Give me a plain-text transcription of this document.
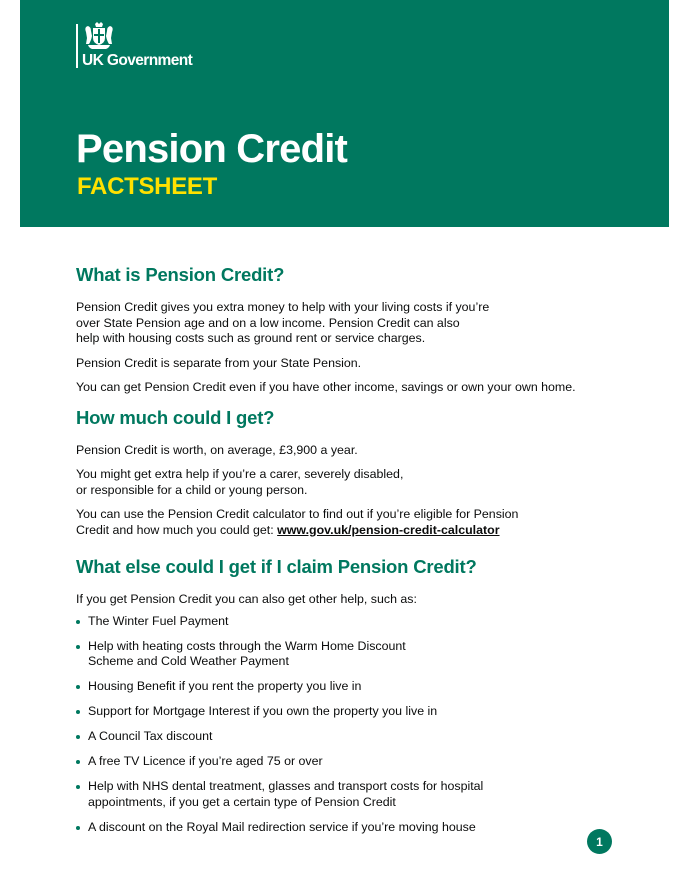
UK Government
Pension Credit
FACTSHEET
What is Pension Credit?

Pension Credit gives you extra money to help with your living costs if you’re
over State Pension age and on a low income. Pension Credit can also
help with housing costs such as ground rent or service charges.

Pension Credit is separate from your State Pension.

You can get Pension Credit even if you have other income, savings or own your own home.

How much could I get?

Pension Credit is worth, on average, £3,900 a year.

You might get extra help if you’re a carer, severely disabled,
or responsible for a child or young person.

You can use the Pension Credit calculator to find out if you’re eligible for Pension
Credit and how much you could get: www.gov.uk/pension-credit-calculator

What else could I get if I claim Pension Credit?

If you get Pension Credit you can also get other help, such as:

The Winter Fuel Payment
Help with heating costs through the Warm Home Discount
Scheme and Cold Weather Payment
Housing Benefit if you rent the property you live in
Support for Mortgage Interest if you own the property you live in
A Council Tax discount
A free TV Licence if you’re aged 75 or over
Help with NHS dental treatment, glasses and transport costs for hospital
appointments, if you get a certain type of Pension Credit
A discount on the Royal Mail redirection service if you’re moving house
1
